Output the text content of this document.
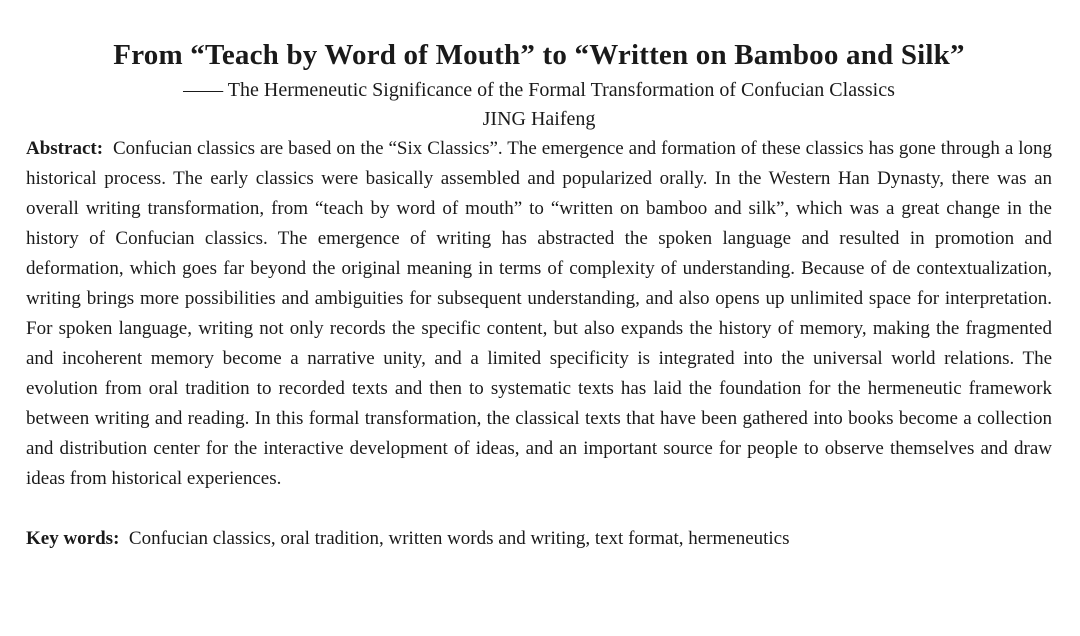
From “Teach by Word of Mouth” to “Written on Bamboo and Silk”

—— The Hermeneutic Significance of the Formal Transformation of Confucian Classics

JING Haifeng

Abstract: Confucian classics are based on the “Six Classics”. The emergence and formation of these classics has gone through a long historical process. The early classics were basically assembled and popularized orally. In the Western Han Dynasty, there was an overall writing transformation, from “teach by word of mouth” to “written on bamboo and silk”, which was a great change in the history of Confucian classics. The emergence of writing has abstracted the spoken language and resulted in promotion and deformation, which goes far beyond the original meaning in terms of complexity of understanding. Because of de contextualization, writing brings more possibilities and ambiguities for subsequent understanding, and also opens up unlimited space for interpretation. For spoken language, writing not only records the specific content, but also expands the history of memory, making the fragmented and incoherent memory become a narrative unity, and a limited specificity is integrated into the universal world relations. The evolution from oral tradition to recorded texts and then to systematic texts has laid the foundation for the hermeneutic framework between writing and reading. In this formal transformation, the classical texts that have been gathered into books become a collection and distribution center for the interactive development of ideas, and an important source for people to observe themselves and draw ideas from historical experiences.

Key words: Confucian classics, oral tradition, written words and writing, text format, hermeneutics
